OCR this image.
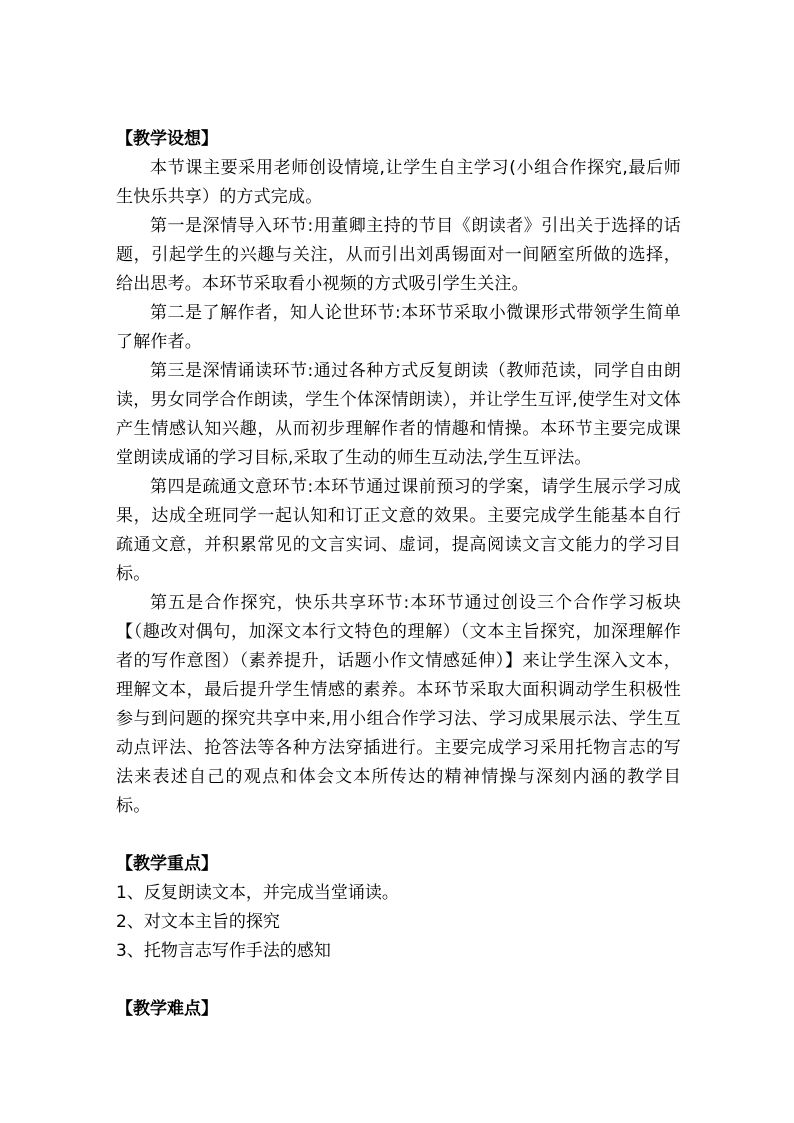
【教学设想】

本节课主要采用老师创设情境,让学生自主学习(小组合作探究,最后师生快乐共享）的方式完成。

第一是深情导入环节:用董卿主持的节目《朗读者》引出关于选择的话题，引起学生的兴趣与关注，从而引出刘禹锡面对一间陋室所做的选择，给出思考。本环节采取看小视频的方式吸引学生关注。

第二是了解作者，知人论世环节:本环节采取小微课形式带领学生简单了解作者。

第三是深情诵读环节:通过各种方式反复朗读（教师范读，同学自由朗读，男女同学合作朗读，学生个体深情朗读），并让学生互评,使学生对文体产生情感认知兴趣，从而初步理解作者的情趣和情操。本环节主要完成课堂朗读成诵的学习目标,采取了生动的师生互动法,学生互评法。

第四是疏通文意环节:本环节通过课前预习的学案，请学生展示学习成果，达成全班同学一起认知和订正文意的效果。主要完成学生能基本自行疏通文意，并积累常见的文言实词、虚词，提高阅读文言文能力的学习目标。

第五是合作探究，快乐共享环节:本环节通过创设三个合作学习板块【（趣改对偶句，加深文本行文特色的理解）（文本主旨探究，加深理解作者的写作意图）（素养提升，话题小作文情感延伸）】来让学生深入文本，理解文本，最后提升学生情感的素养。本环节采取大面积调动学生积极性参与到问题的探究共享中来,用小组合作学习法、学习成果展示法、学生互动点评法、抢答法等各种方法穿插进行。主要完成学习采用托物言志的写法来表述自己的观点和体会文本所传达的精神情操与深刻内涵的教学目标。

【教学重点】

1、反复朗读文本，并完成当堂诵读。

2、对文本主旨的探究

3、托物言志写作手法的感知

【教学难点】
